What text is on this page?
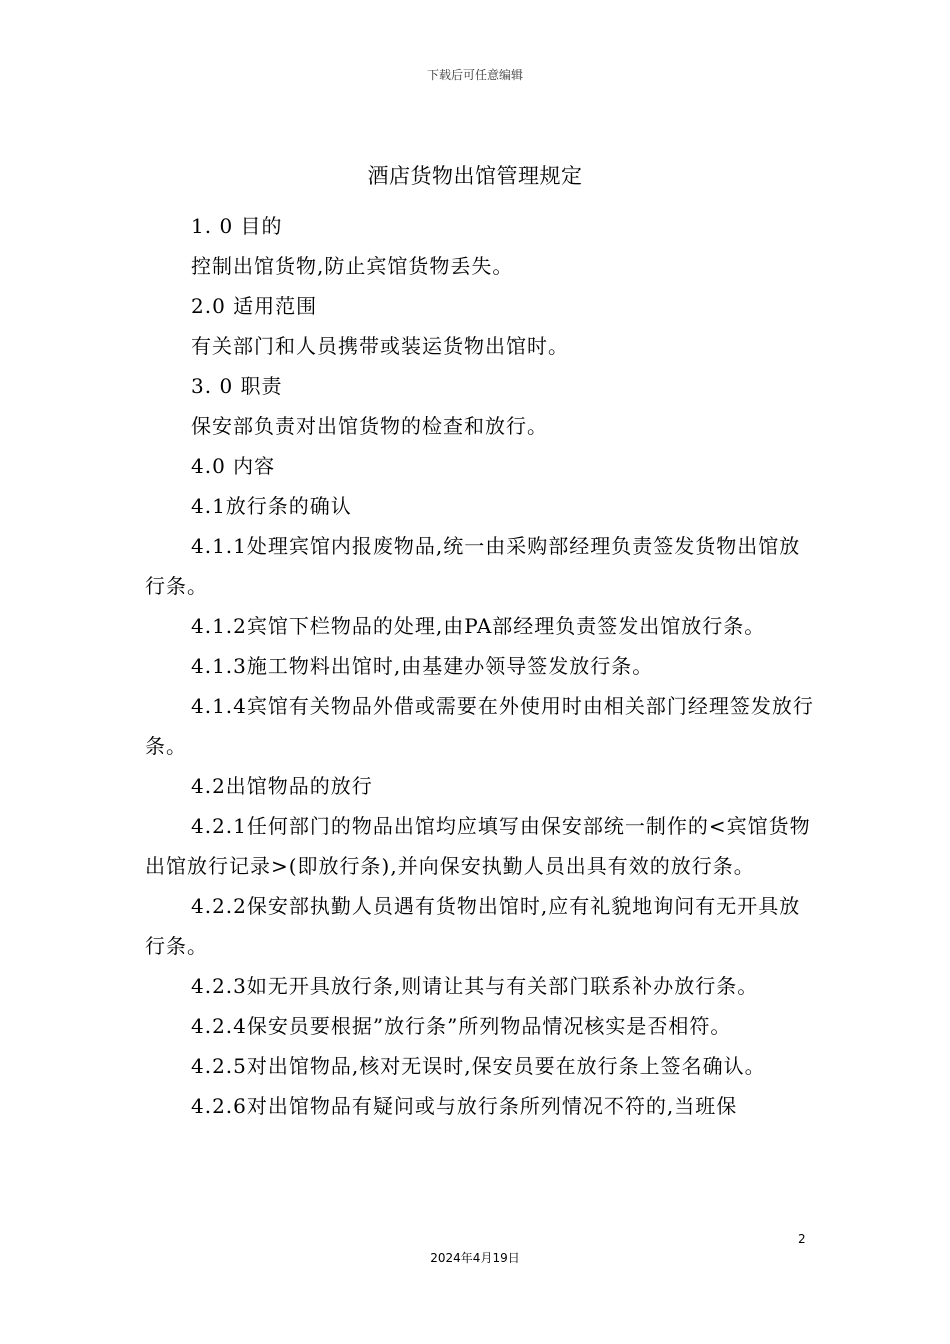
下载后可任意编辑
酒店货物出馆管理规定

1. 0 目的

控制出馆货物,防止宾馆货物丢失。

2.0 适用范围

有关部门和人员携带或装运货物出馆时。

3. 0 职责

保安部负责对出馆货物的检查和放行。

4.0 内容

4.1放行条的确认

4.1.1处理宾馆内报废物品,统一由采购部经理负责签发货物出馆放行条。

4.1.2宾馆下栏物品的处理,由PA部经理负责签发出馆放行条。

4.1.3施工物料出馆时,由基建办领导签发放行条。

4.1.4宾馆有关物品外借或需要在外使用时由相关部门经理签发放行条。

4.2出馆物品的放行

4.2.1任何部门的物品出馆均应填写由保安部统一制作的<宾馆货物出馆放行记录>(即放行条),并向保安执勤人员出具有效的放行条。

4.2.2保安部执勤人员遇有货物出馆时,应有礼貌地询问有无开具放行条。

4.2.3如无开具放行条,则请让其与有关部门联系补办放行条。

4.2.4保安员要根据”放行条”所列物品情况核实是否相符。

4.2.5对出馆物品,核对无误时,保安员要在放行条上签名确认。

4.2.6对出馆物品有疑问或与放行条所列情况不符的,当班保

2
2024年4月19日
